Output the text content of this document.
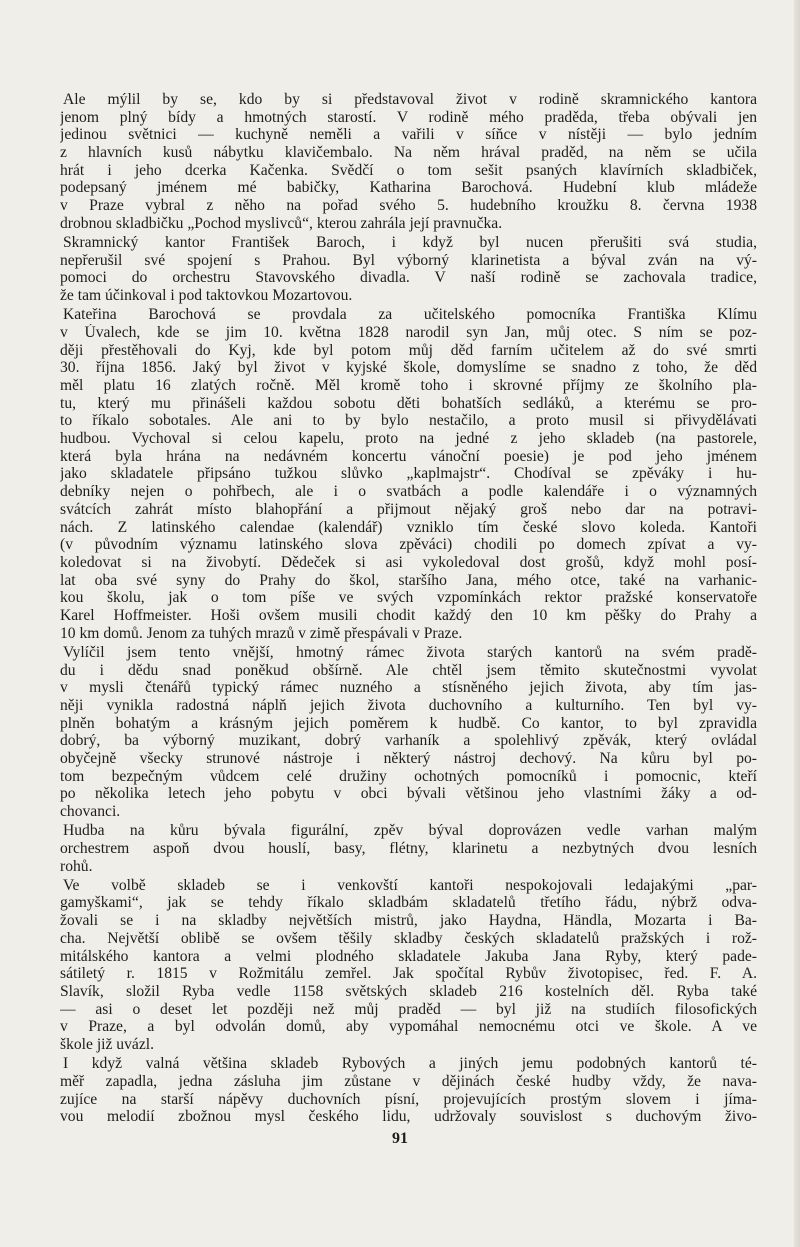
Ale mýlil by se, kdo by si představoval život v rodině skramnického kantora
jenom plný bídy a hmotných starostí. V rodině mého praděda, třeba obývali jen
jedinou světnici — kuchyně neměli a vařili v síňce v nístěji — bylo jedním
z hlavních kusů nábytku klavičembalo. Na něm hrával praděd, na něm se učila
hrát i jeho dcerka Kačenka. Svědčí o tom sešit psaných klavírních skladbiček,
podepsaný jménem mé babičky, Katharina Barochová. Hudební klub mládeže
v Praze vybral z něho na pořad svého 5. hudebního kroužku 8. června 1938
drobnou skladbičku „Pochod myslivců“, kterou zahrála její pravnučka.
Skramnický kantor František Baroch, i když byl nucen přerušiti svá studia,
nepřerušil své spojení s Prahou. Byl výborný klarinetista a býval zván na vý-
pomoci do orchestru Stavovského divadla. V naší rodině se zachovala tradice,
že tam účinkoval i pod taktovkou Mozartovou.
Kateřina Barochová se provdala za učitelského pomocníka Františka Klímu
v Úvalech, kde se jim 10. května 1828 narodil syn Jan, můj otec. S ním se poz-
ději přestěhovali do Kyj, kde byl potom můj děd farním učitelem až do své smrti
30. října 1856. Jaký byl život v kyjské škole, domyslíme se snadno z toho, že děd
měl platu 16 zlatých ročně. Měl kromě toho i skrovné příjmy ze školního pla-
tu, který mu přinášeli každou sobotu děti bohatších sedláků, a kterému se pro-
to říkalo sobotales. Ale ani to by bylo nestačilo, a proto musil si přivydělávati
hudbou. Vychoval si celou kapelu, proto na jedné z jeho skladeb (na pastorele,
která byla hrána na nedávném koncertu vánoční poesie) je pod jeho jménem
jako skladatele připsáno tužkou slůvko „kaplmajstr“. Chodíval se zpěváky i hu-
debníky nejen o pohřbech, ale i o svatbách a podle kalendáře i o významných
svátcích zahrát místo blahopřání a přijmout nějaký groš nebo dar na potravi-
nách. Z latinského calendae (kalendář) vzniklo tím české slovo koleda. Kantoři
(v původním významu latinského slova zpěváci) chodili po domech zpívat a vy-
koledovat si na živobytí. Dědeček si asi vykoledoval dost grošů, když mohl posí-
lat oba své syny do Prahy do škol, staršího Jana, mého otce, také na varhanic-
kou školu, jak o tom píše ve svých vzpomínkách rektor pražské konservatoře
Karel Hoffmeister. Hoši ovšem musili chodit každý den 10 km pěšky do Prahy a
10 km domů. Jenom za tuhých mrazů v zimě přespávali v Praze.
Vylíčil jsem tento vnější, hmotný rámec života starých kantorů na svém pradě-
du i dědu snad poněkud obšírně. Ale chtěl jsem těmito skutečnostmi vyvolat
v mysli čtenářů typický rámec nuzného a stísněného jejich života, aby tím jas-
něji vynikla radostná náplň jejich života duchovního a kulturního. Ten byl vy-
plněn bohatým a krásným jejich poměrem k hudbě. Co kantor, to byl zpravidla
dobrý, ba výborný muzikant, dobrý varhaník a spolehlivý zpěvák, který ovládal
obyčejně všecky strunové nástroje i některý nástroj dechový. Na kůru byl po-
tom bezpečným vůdcem celé družiny ochotných pomocníků i pomocnic, kteří
po několika letech jeho pobytu v obci bývali většinou jeho vlastními žáky a od-
chovanci.
Hudba na kůru bývala figurální, zpěv býval doprovázen vedle varhan malým
orchestrem aspoň dvou houslí, basy, flétny, klarinetu a nezbytných dvou lesních
rohů.
Ve volbě skladeb se i venkovští kantoři nespokojovali ledajakými „par-
gamyškami“, jak se tehdy říkalo skladbám skladatelů třetího řádu, nýbrž odva-
žovali se i na skladby největších mistrů, jako Haydna, Händla, Mozarta i Ba-
cha. Největší oblibě se ovšem těšily skladby českých skladatelů pražských i rož-
mitálského kantora a velmi plodného skladatele Jakuba Jana Ryby, který pade-
sátiletý r. 1815 v Rožmitálu zemřel. Jak spočítal Rybův životopisec, řed. F. A.
Slavík, složil Ryba vedle 1158 světských skladeb 216 kostelních děl. Ryba také
— asi o deset let později než můj praděd — byl již na studiích filosofických
v Praze, a byl odvolán domů, aby vypomáhal nemocnému otci ve škole. A ve
škole již uvázl.
I když valná většina skladeb Rybových a jiných jemu podobných kantorů té-
měř zapadla, jedna zásluha jim zůstane v dějinách české hudby vždy, že nava-
zujíce na starší nápěvy duchovních písní, projevujících prostým slovem i jíma-
vou melodií zbožnou mysl českého lidu, udržovaly souvislost s duchovým živo-
91
